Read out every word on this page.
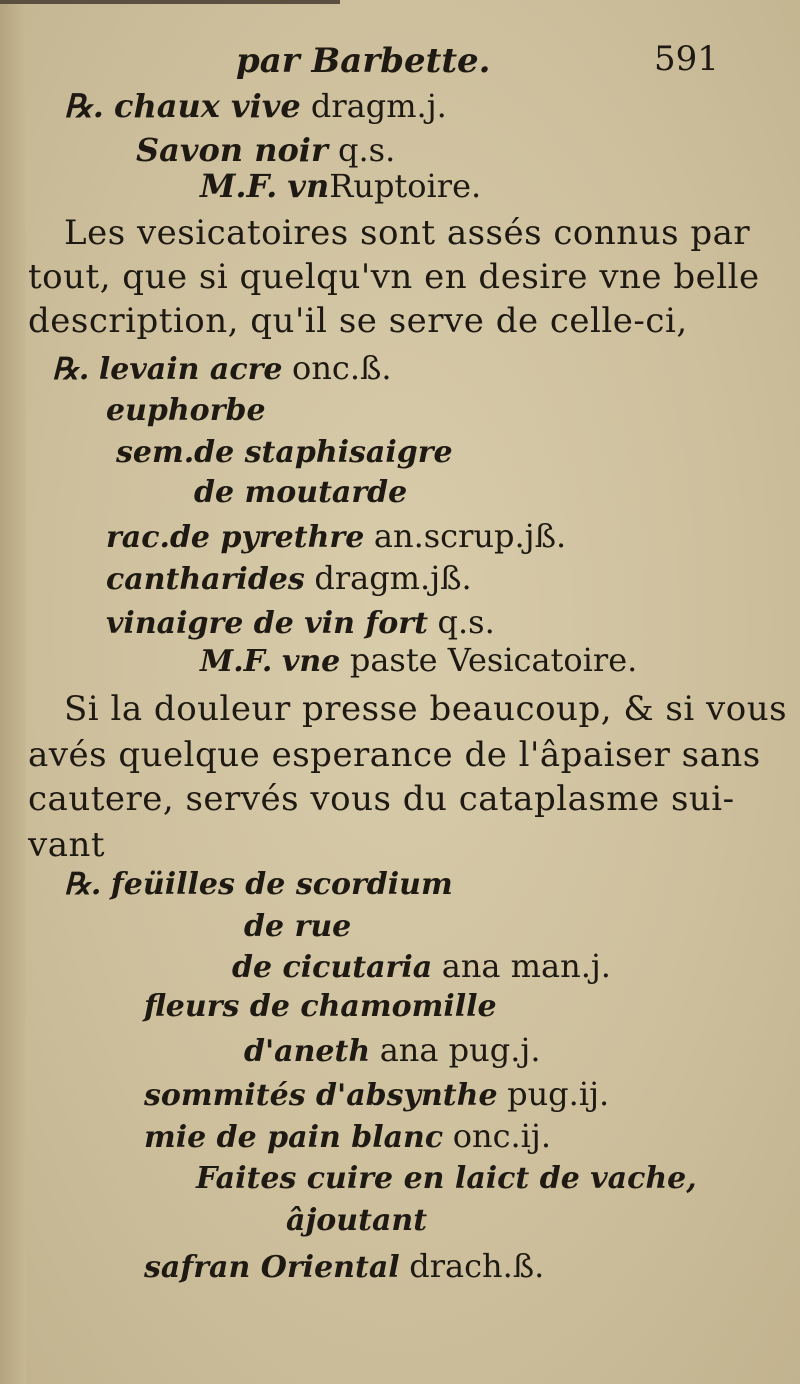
par Barbette.	591
℞. chaux vive dragm.j.
Savon noir q.s.
M.F. vnRuptoire.
Les vesicatoires sont assés connus par
tout, que si quelqu'vn en desire vne belle
description, qu'il se serve de celle-ci,
℞. levain acre onc.ß.
euphorbe
sem.de staphisaigre
de moutarde
rac.de pyrethre an.scrup.jß.
cantharides dragm.jß.
vinaigre de vin fort q.s.
M.F. vne paste Vesicatoire.
Si la douleur presse beaucoup, & si vous
avés quelque esperance de l'âpaiser sans
cautere, servés vous du cataplasme sui-
vant
℞. feüilles de scordium
de rue
de cicutaria ana man.j.
fleurs de chamomille
d'aneth ana pug.j.
sommités d'absynthe pug.ij.
mie de pain blanc onc.ij.
Faites cuire en laict de vache,
âjoutant
safran Oriental drach.ß.
